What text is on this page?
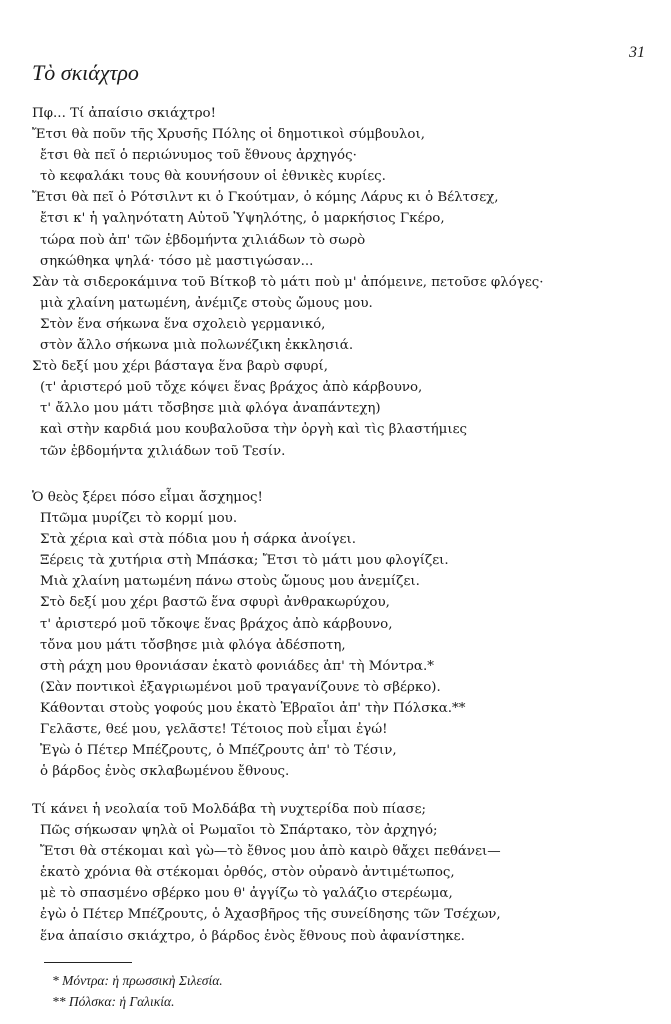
31
Τὸ σκιάχτρο
Πφ... Τί ἀπαίσιο σκιάχτρο!
Ἔτσι θὰ ποῦν τῆς Χρυσῆς Πόλης οἱ δημοτικοὶ σύμβουλοι,
ἔτσι θὰ πεῖ ὁ περιώνυμος τοῦ ἔθνους ἀρχηγός·
τὸ κεφαλάκι τους θὰ κουνήσουν οἱ ἐθνικὲς κυρίες.
Ἔτσι θὰ πεῖ ὁ Ρότσιλντ κι ὁ Γκούτμαν, ὁ κόμης Λάρυς κι ὁ Βέλτσεχ,
ἔτσι κ' ἡ γαληνότατη Αὐτοῦ Ὑψηλότης, ὁ μαρκήσιος Γκέρο,
τώρα ποὺ ἀπ' τῶν ἑβδομήντα χιλιάδων τὸ σωρὸ
σηκώθηκα ψηλά· τόσο μὲ μαστιγώσαν...
Σὰν τὰ σιδεροκάμινα τοῦ Βίτκοβ τὸ μάτι ποὺ μ' ἀπόμεινε, πετοῦσε φλόγες·
μιὰ χλαίνη ματωμένη, ἀνέμιζε στοὺς ὤμους μου.
Στὸν ἕνα σήκωνα ἕνα σχολειὸ γερμανικό,
στὸν ἄλλο σήκωνα μιὰ πολωνέζικη ἐκκλησιά.
Στὸ δεξί μου χέρι βάσταγα ἕνα βαρὺ σφυρί,
(τ' ἀριστερό μοῦ τὄχε κόψει ἕνας βράχος ἀπὸ κάρβουνο,
τ' ἄλλο μου μάτι τὄσβησε μιὰ φλόγα ἀναπάντεχη)
καὶ στὴν καρδιά μου κουβαλοῦσα τὴν ὀργὴ καὶ τὶς βλαστήμιες
τῶν ἑβδομήντα χιλιάδων τοῦ Τεσίν.
Ὁ θεὸς ξέρει πόσο εἶμαι ἄσχημος!
Πτῶμα μυρίζει τὸ κορμί μου.
Στὰ χέρια καὶ στὰ πόδια μου ἡ σάρκα ἀνοίγει.
Ξέρεις τὰ χυτήρια στὴ Μπάσκα; Ἔτσι τὸ μάτι μου φλογίζει.
Μιὰ χλαίνη ματωμένη πάνω στοὺς ὤμους μου ἀνεμίζει.
Στὸ δεξί μου χέρι βαστῶ ἕνα σφυρὶ ἀνθρακωρύχου,
τ' ἀριστερό μοῦ τὄκοψε ἕνας βράχος ἀπὸ κάρβουνο,
τὄνα μου μάτι τὄσβησε μιὰ φλόγα ἀδέσποτη,
στὴ ράχη μου θρονιάσαν ἑκατὸ φονιάδες ἀπ' τὴ Μόντρα.*
(Σὰν ποντικοὶ ἐξαγριωμένοι μοῦ τραγανίζουνε τὸ σβέρκο).
Κάθονται στοὺς γοφούς μου ἑκατὸ Ἑβραῖοι ἀπ' τὴν Πόλσκα.**
Γελᾶστε, θεέ μου, γελᾶστε! Τέτοιος ποὺ εἶμαι ἐγώ!
Ἐγὼ ὁ Πέτερ Μπέζρουτς, ὁ Μπέζρουτς ἀπ' τὸ Τέσιν,
ὁ βάρδος ἑνὸς σκλαβωμένου ἔθνους.
Τί κάνει ἡ νεολαία τοῦ Μολδάβα τὴ νυχτερίδα ποὺ πίασε;
Πῶς σήκωσαν ψηλὰ οἱ Ρωμαῖοι τὸ Σπάρτακο, τὸν ἀρχηγό;
Ἔτσι θὰ στέκομαι καὶ γὼ—τὸ ἔθνος μου ἀπὸ καιρὸ θἄχει πεθάνει—
ἑκατὸ χρόνια θὰ στέκομαι ὀρθός, στὸν οὐρανὸ ἀντιμέτωπος,
μὲ τὸ σπασμένο σβέρκο μου θ' ἀγγίζω τὸ γαλάζιο στερέωμα,
ἐγὼ ὁ Πέτερ Μπέζρουτς, ὁ Ἀχασβῆρος τῆς συνείδησης τῶν Τσέχων,
ἕνα ἀπαίσιο σκιάχτρο, ὁ βάρδος ἑνὸς ἔθνους ποὺ ἀφανίστηκε.
* Μόντρα: ἡ πρωσσικὴ Σιλεσία.
** Πόλσκα: ἡ Γαλικία.
